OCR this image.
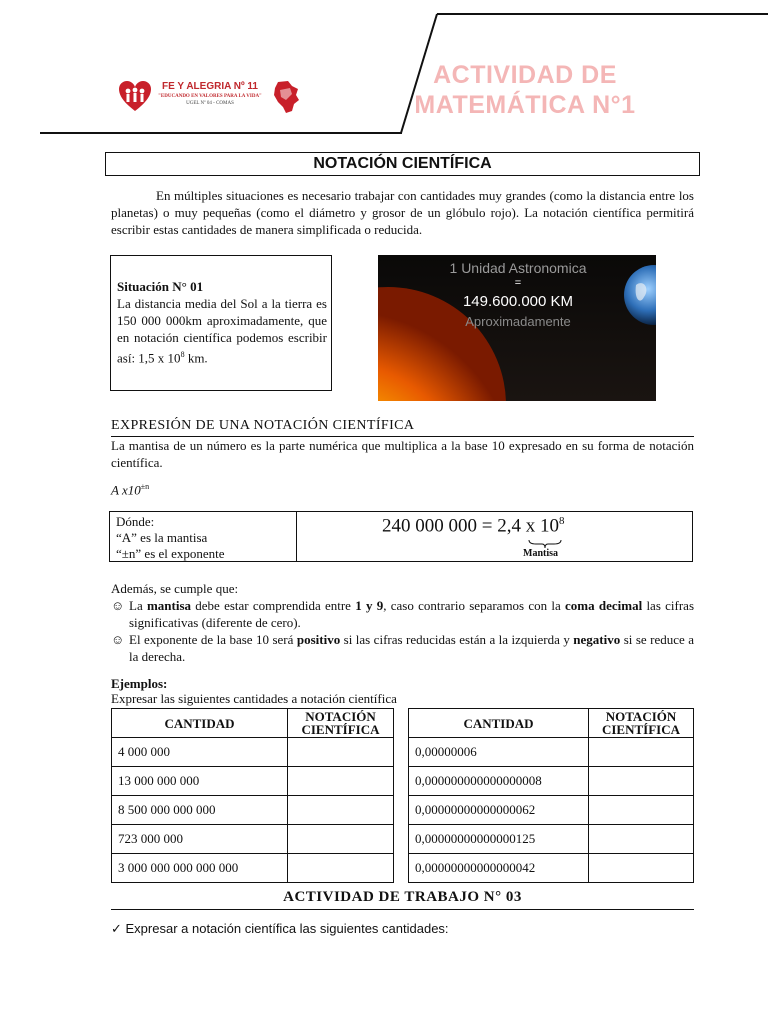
FE Y ALEGRIA Nº 11
"EDUCANDO EN VALORES PARA LA VIDA"
UGEL Nº 04 - COMAS
ACTIVIDAD DE
MATEMÁTICA N°1
NOTACIÓN CIENTÍFICA
En múltiples situaciones es necesario trabajar con cantidades muy grandes (como la distancia entre los planetas) o muy pequeñas (como el diámetro y grosor de un glóbulo rojo). La notación científica permitirá escribir estas cantidades de manera simplificada o reducida.
Situación N° 01
La distancia media del Sol a la tierra es 150 000 000km aproximadamente, que en notación científica podemos escribir así: 1,5 x $10^8$ km.
1 Unidad Astronomica
=
149.600.000 KM
Aproximadamente
EXPRESIÓN DE UNA NOTACIÓN CIENTÍFICA
La mantisa de un número es la parte numérica que multiplica a la base 10 expresado en su forma de notación científica.
A $x10^{\pm n}$
Dónde:
“A” es la mantisa
“±n” es el exponente
240 000 000 = 2,4 x $10^8$
Mantisa
Además, se cumple que:
☺ La mantisa debe estar comprendida entre 1 y 9, caso contrario separamos con la coma decimal las cifras significativas (diferente de cero).
☺ El exponente de la base 10 será positivo si las cifras reducidas están a la izquierda y negativo si se reduce a la derecha.
Ejemplos:
Expresar las siguientes cantidades a notación científica
CANTIDAD	NOTACIÓN
CIENTÍFICA

4 000 000	
13 000 000 000	
8 500 000 000 000	
723 000 000	
3 000 000 000 000 000	
CANTIDAD	NOTACIÓN
CIENTÍFICA

0,00000006	
0,000000000000000008	
0,00000000000000062	
0,00000000000000125	
0,00000000000000042	
ACTIVIDAD DE TRABAJO N° 03
✓ Expresar a notación científica las siguientes cantidades:
